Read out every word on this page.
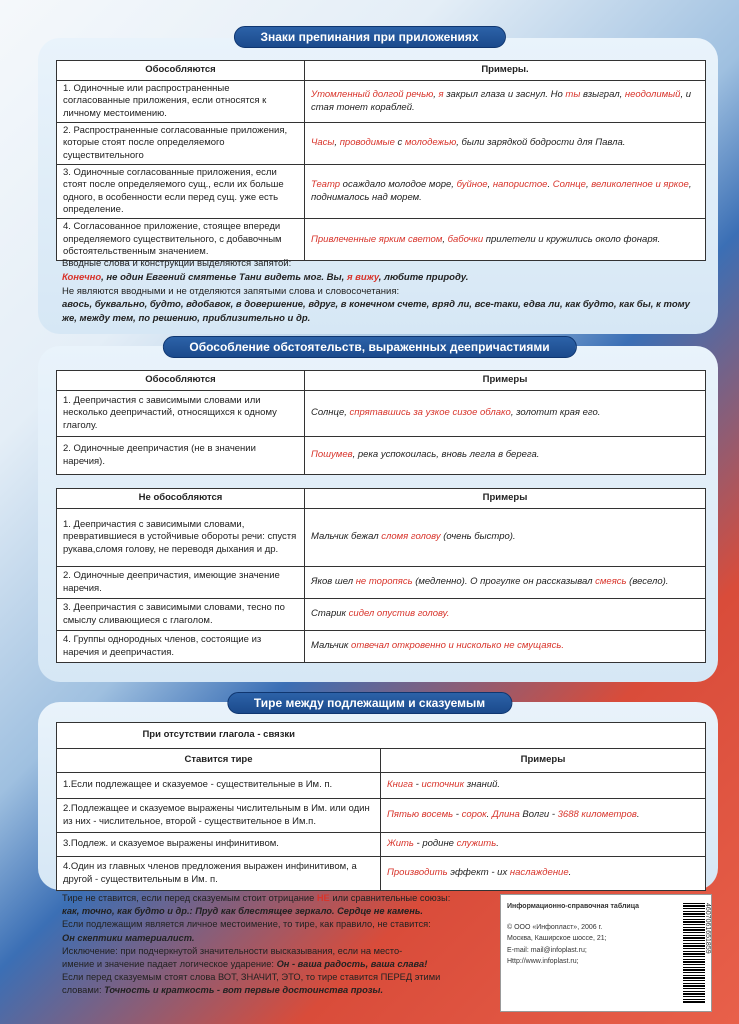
Знаки препинания при приложениях
Обособляются	Примеры.
1. Одиночные или распространенные согласованные приложения, если относятся к личному местоимению.	Утомленный долгой речью, я закрыл глаза и заснул. Но ты взыграл, неодолимый, и стая тонет кораблей.
2. Распространенные согласованные приложения, которые стоят после определяемого существительного	Часы, проводимые с молодежью, были зарядкой бодрости для Павла.
3. Одиночные согласованные приложения, если стоят после определяемого сущ., если их больше одного, в особенности если перед сущ. уже есть определение.	Театр осаждало молодое море, буйное, напористое. Солнце, великолепное и яркое, поднималось над морем.
4. Согласованное приложение, стоящее впереди определяемого существительного, с добавочным обстоятельственным значением.	Привлеченные ярким светом, бабочки прилетели и кружились около фонаря.
Вводные слова и конструкции выделяются запятой:
Конечно, не один Евгений смятенье Тани видеть мог. Вы, я вижу, любите природу.
Не являются вводными и не отделяются запятыми слова и словосочетания:
авось, буквально, будто, вдобавок, в довершение, вдруг, в конечном счете, вряд ли, все-таки, едва ли, как будто, как бы, к тому же, между тем, по решению, приблизительно и др.
Обособление обстоятельств, выраженных деепричастиями
Обособляются	Примеры
1. Деепричастия с зависимыми словами или несколько деепричастий, относящихся к одному глаголу.	Солнце, спрятавшись за узкое сизое облако, золотит края его.
2. Одиночные деепричастия (не в значении наречия).	Пошумев, река успокоилась, вновь легла в берега.
Не обособляются	Примеры
1. Деепричастия с зависимыми словами, превратившиеся в устойчивые обороты речи: спустя рукава,сломя голову, не переводя дыхания и др.	Мальчик бежал сломя голову (очень быстро).
2. Одиночные деепричастия, имеющие значение наречия.	Яков шел не торопясь (медленно). О прогулке он рассказывал смеясь (весело).
3. Деепричастия с зависимыми словами, тесно по смыслу сливающиеся с глаголом.	Старик сидел опустив голову.
4. Группы однородных членов, состоящие из наречия и деепричастия.	Мальчик отвечал откровенно и нисколько не смущаясь.
Тире между подлежащим и сказуемым
При отсутствии глагола - связки	
Ставится тире	Примеры
1.Если подлежащее и сказуемое - существительные в Им. п.	Книга - источник знаний.
2.Подлежащее и сказуемое выражены числительным в Им. или один из них - числительное, второй - существительное в Им.п.	Пятью восемь - сорок. Длина Волги - 3688 километров.
3.Подлеж. и сказуемое выражены инфинитивом.	Жить - родине служить.
4.Один из главных членов предложения выражен инфинитивом, а другой - существительным в Им. п.	Производить эффект - их наслаждение.
Тире не ставится, если перед сказуемым стоит отрицание НЕ или сравнительные союзы:
как, точно, как будто и др.: Пруд как блестящее зеркало. Сердце не камень.
Если подлежащим является личное местоимение, то тире, как правило, не ставится:
Он скептики материалист.
Исключение: при подчеркнутой значительности высказывания, если на место-
имение и значение падает логическое ударение: Он - ваша радость, ваша слава!
Если перед сказуемым стоят слова ВОТ, ЗНАЧИТ, ЭТО, то тире ставится ПЕРЕД этими
словами: Точность и краткость - вот первые достоинства прозы.
Информационно-справочная таблица
© ООО «Инфопласт», 2006 г.
Москва, Каширское шоссе, 21;
E-mail: mail@infoplast.ru;
Http://www.infoplast.ru;
4607061651859
